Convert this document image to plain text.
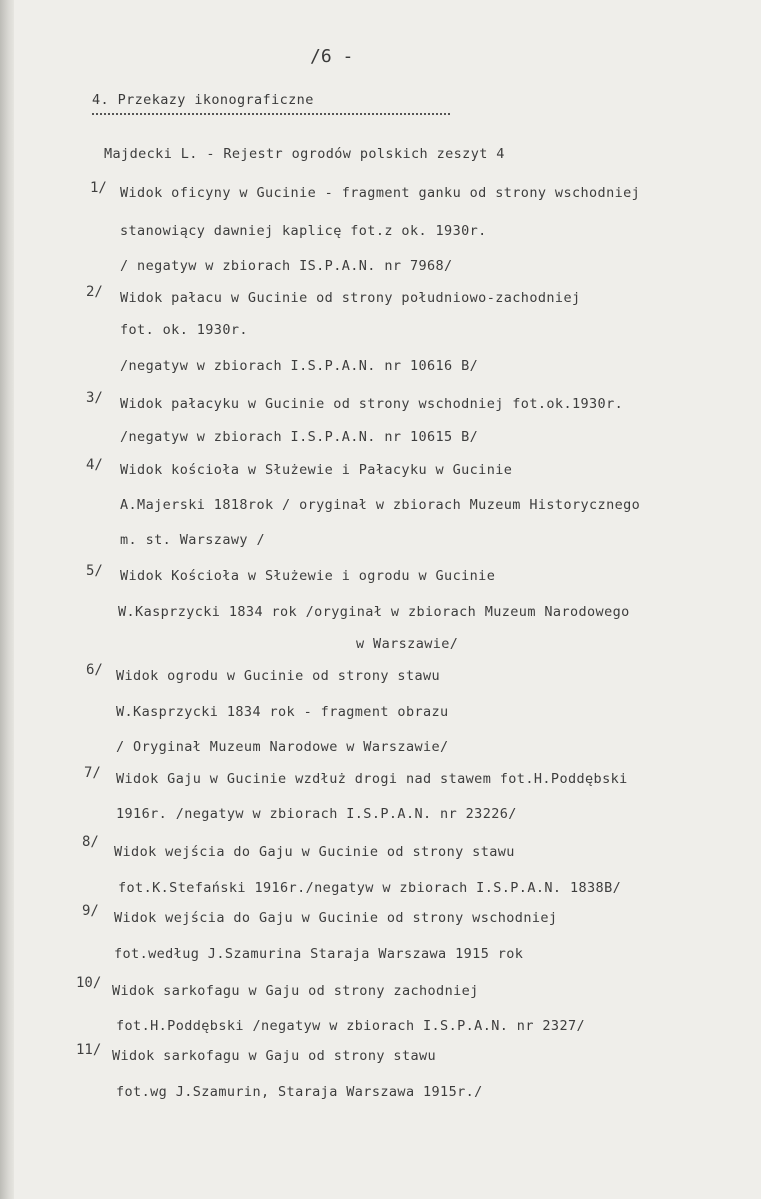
/6 -
4. Przekazy ikonograficzne
Majdecki L. - Rejestr ogrodów polskich zeszyt 4
1/ Widok oficyny w Gucinie - fragment ganku od strony wschodniej
stanowiący dawniej kaplicę fot.z ok. 1930r.
/ negatyw w zbiorach IS.P.A.N. nr 7968/
2/ Widok pałacu w Gucinie od strony południowo-zachodniej
fot. ok. 1930r.
/negatyw w zbiorach I.S.P.A.N. nr 10616 B/
3/ Widok pałacyku w Gucinie od strony wschodniej fot.ok.1930r.
/negatyw w zbiorach I.S.P.A.N. nr 10615 B/
4/ Widok kościoła w Służewie i Pałacyku w Gucinie
A.Majerski 1818rok / oryginał w zbiorach Muzeum Historycznego
m. st. Warszawy /
5/ Widok Kościoła w Służewie i ogrodu w Gucinie
W.Kasprzycki 1834 rok /oryginał w zbiorach Muzeum Narodowego
w Warszawie/
6/ Widok ogrodu w Gucinie od strony stawu
W.Kasprzycki 1834 rok - fragment obrazu
/ Oryginał Muzeum Narodowe w Warszawie/
7/ Widok Gaju w Gucinie wzdłuż drogi nad stawem fot.H.Poddębski
1916r. /negatyw w zbiorach I.S.P.A.N. nr 23226/
8/
Widok wejścia do Gaju w Gucinie od strony stawu
fot.K.Stefański 1916r./negatyw w zbiorach I.S.P.A.N. 1838B/
9/ Widok wejścia do Gaju w Gucinie od strony wschodniej
fot.według J.Szamurina Staraja Warszawa 1915 rok
10/ Widok sarkofagu w Gaju od strony zachodniej
fot.H.Poddębski /negatyw w zbiorach I.S.P.A.N. nr 2327/
11/ Widok sarkofagu w Gaju od strony stawu
fot.wg J.Szamurin, Staraja Warszawa 1915r./
